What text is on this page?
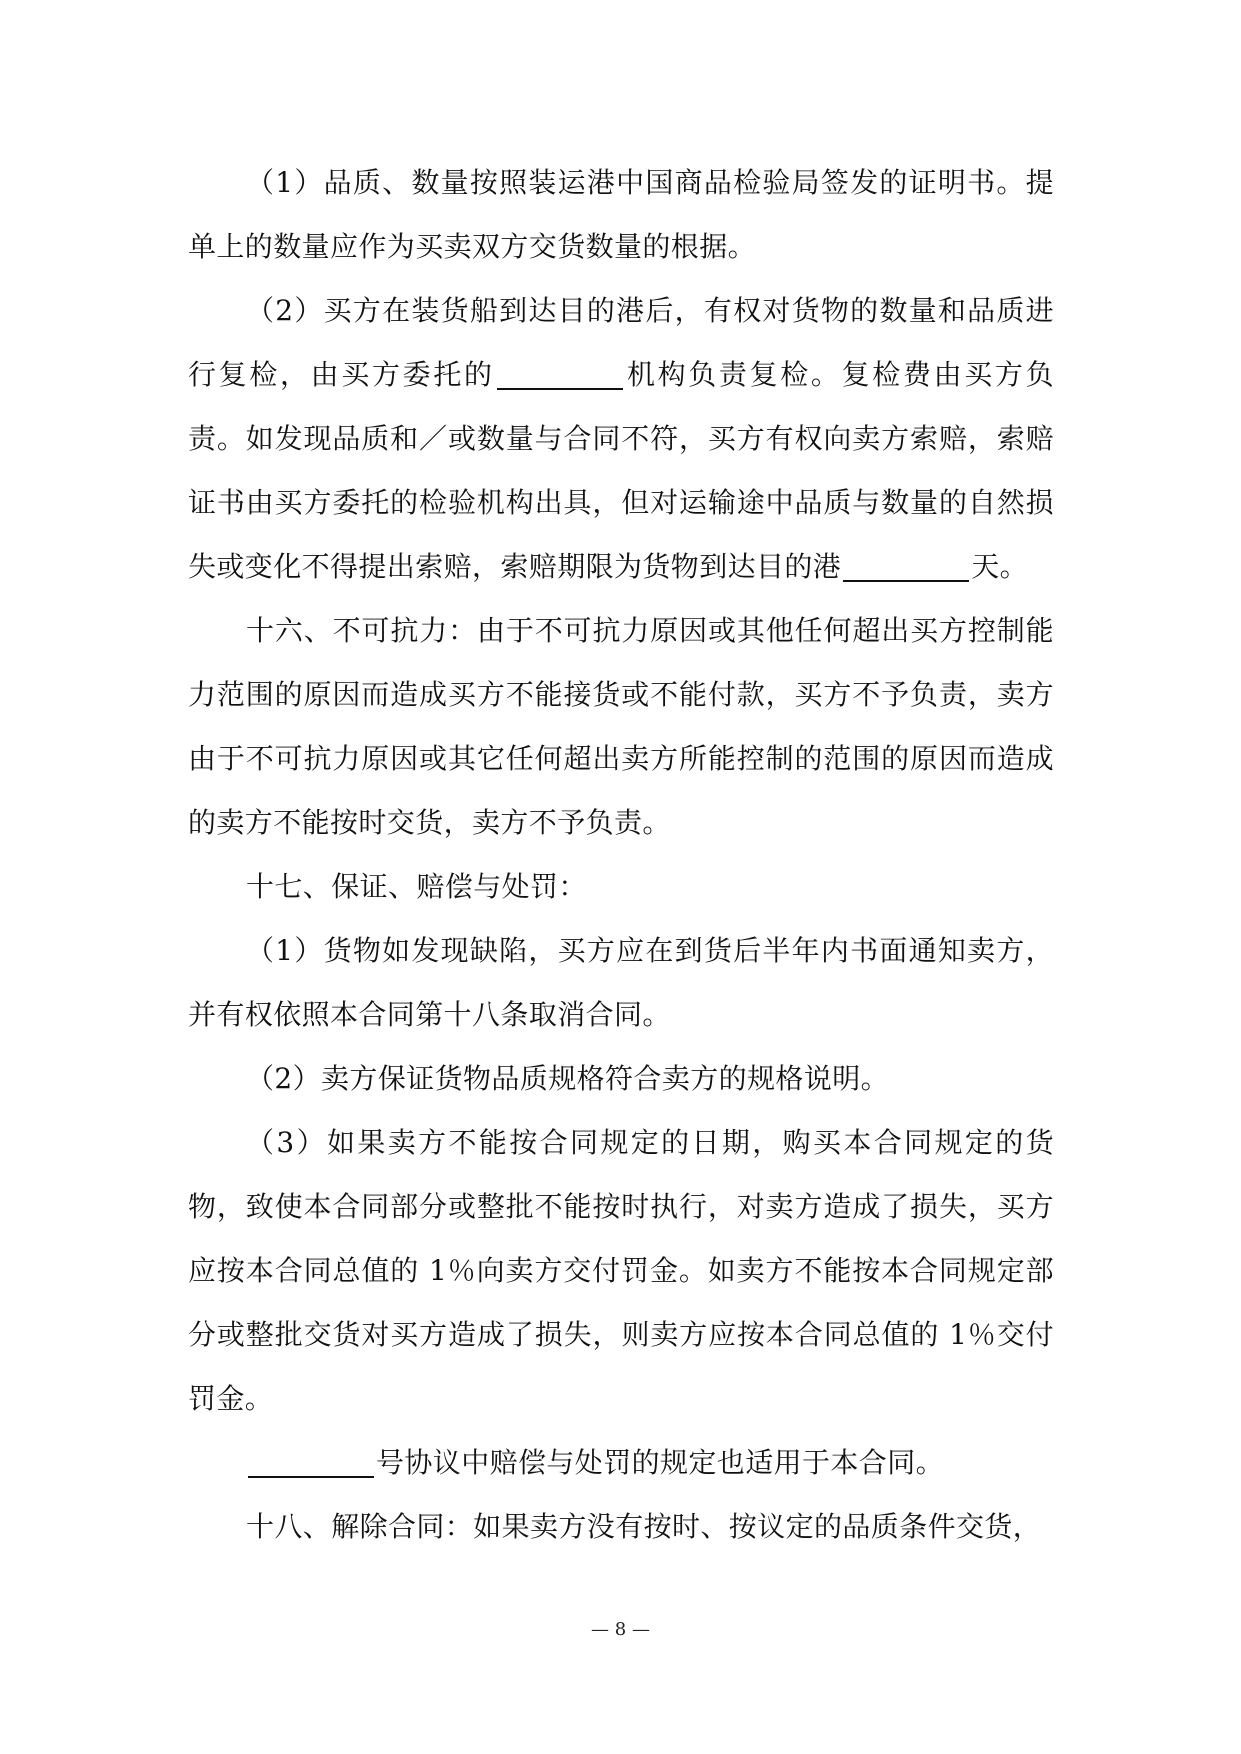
（1）品质、数量按照装运港中国商品检验局签发的证明书。提单上的数量应作为买卖双方交货数量的根据。

（2）买方在装货船到达目的港后，有权对货物的数量和品质进行复检，由买方委托的	机构负责复检。复检费由买方负责。如发现品质和／或数量与合同不符，买方有权向卖方索赔，索赔证书由买方委托的检验机构出具，但对运输途中品质与数量的自然损失或变化不得提出索赔，索赔期限为货物到达目的港	天。

十六、不可抗力：由于不可抗力原因或其他任何超出买方控制能力范围的原因而造成买方不能接货或不能付款，买方不予负责，卖方由于不可抗力原因或其它任何超出卖方所能控制的范围的原因而造成的卖方不能按时交货，卖方不予负责。

十七、保证、赔偿与处罚：

（1）货物如发现缺陷，买方应在到货后半年内书面通知卖方，并有权依照本合同第十八条取消合同。

（2）卖方保证货物品质规格符合卖方的规格说明。

（3）如果卖方不能按合同规定的日期，购买本合同规定的货物，致使本合同部分或整批不能按时执行，对卖方造成了损失，买方应按本合同总值的 1％向卖方交付罚金。如卖方不能按本合同规定部分或整批交货对买方造成了损失，则卖方应按本合同总值的 1％交付罚金。

号协议中赔偿与处罚的规定也适用于本合同。

十八、解除合同：如果卖方没有按时、按议定的品质条件交货，

— 8 —
